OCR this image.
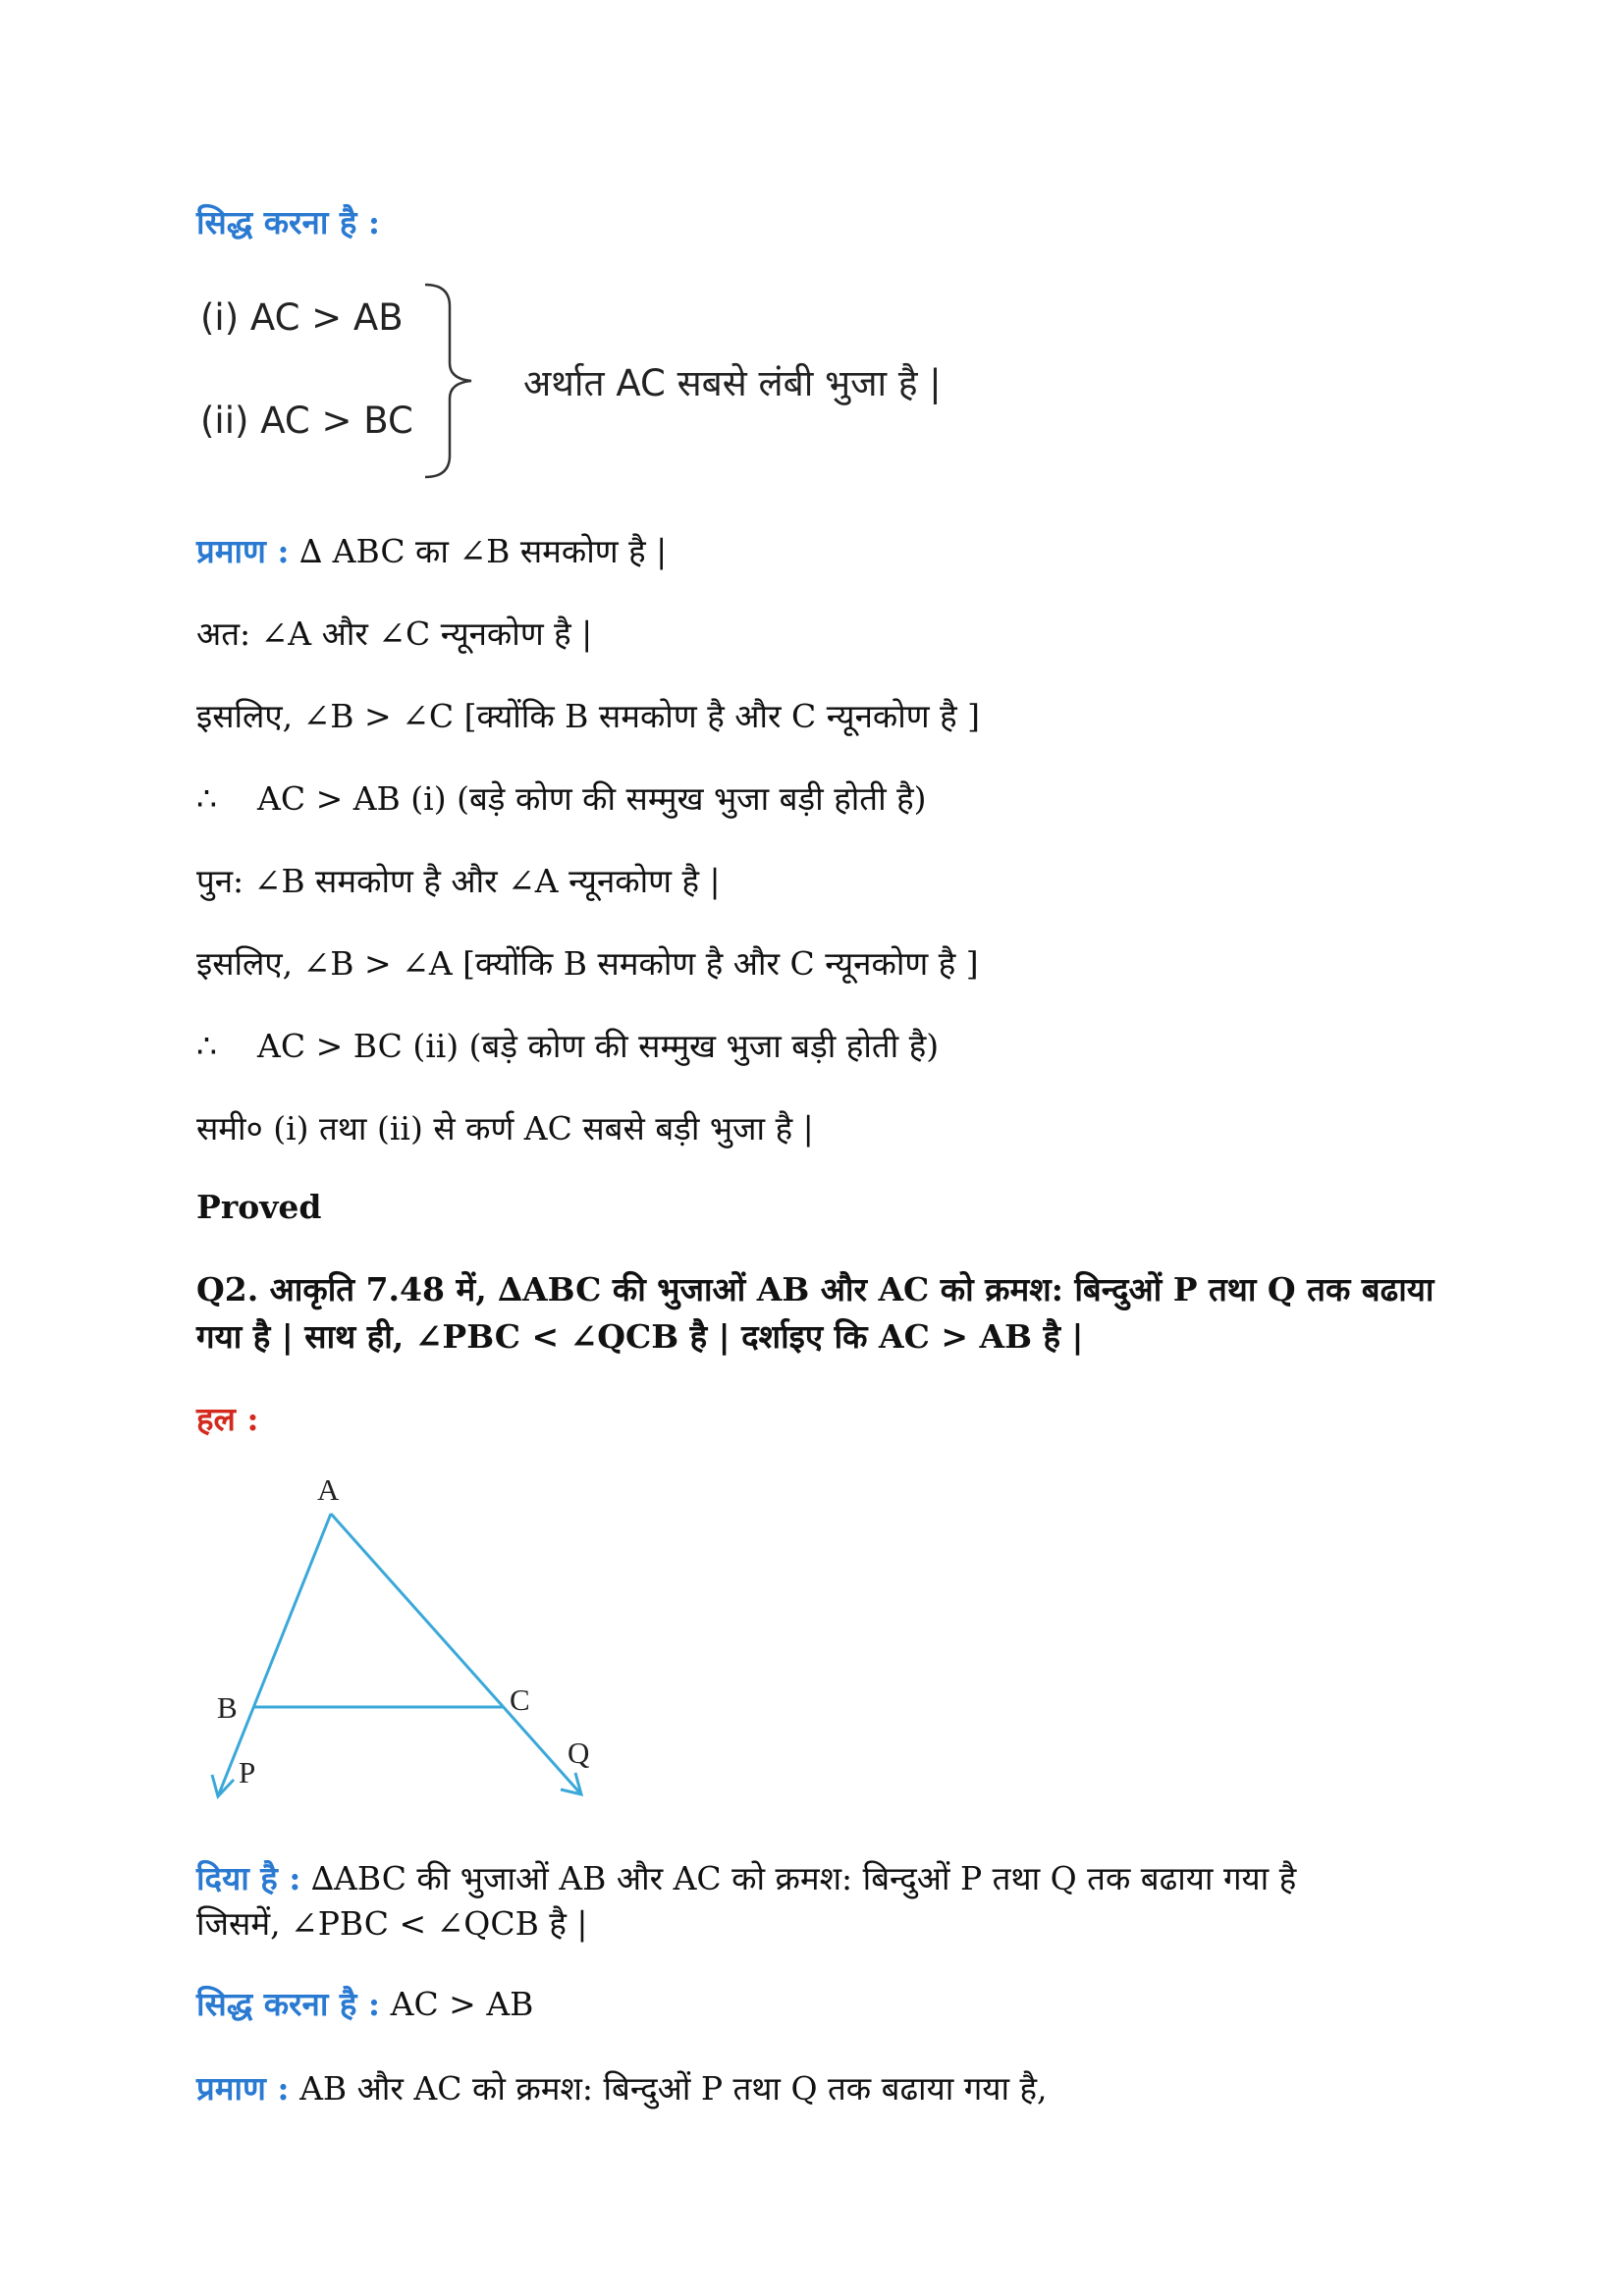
सिद्ध करना है :
(i) AC > AB
(ii) AC > BC
अर्थात AC सबसे लंबी भुजा है |
प्रमाण : ∆ ABC का ∠B समकोण है |
अत: ∠A और ∠C न्यूनकोण है |
इसलिए, ∠B > ∠C [क्योंकि B समकोण है और C न्यूनकोण है ]
∴ AC > AB (i) (बड़े कोण की सम्मुख भुजा बड़ी होती है)
पुन: ∠B समकोण है और ∠A न्यूनकोण है |
इसलिए, ∠B > ∠A [क्योंकि B समकोण है और C न्यूनकोण है ]
∴ AC > BC (ii) (बड़े कोण की सम्मुख भुजा बड़ी होती है)
समी० (i) तथा (ii) से कर्ण AC सबसे बड़ी भुजा है |
Proved
Q2. आकृति 7.48 में, ∆ABC की भुजाओं AB और AC को क्रमश: बिन्दुओं P तथा Q तक बढाया
गया है | साथ ही, ∠PBC < ∠QCB है | दर्शाइए कि AC > AB है |
हल :
A
B	C
P
Q
दिया है : ∆ABC की भुजाओं AB और AC को क्रमश: बिन्दुओं P तथा Q तक बढाया गया है
जिसमें, ∠PBC < ∠QCB है |
सिद्ध करना है : AC > AB
प्रमाण : AB और AC को क्रमश: बिन्दुओं P तथा Q तक बढाया गया है,
